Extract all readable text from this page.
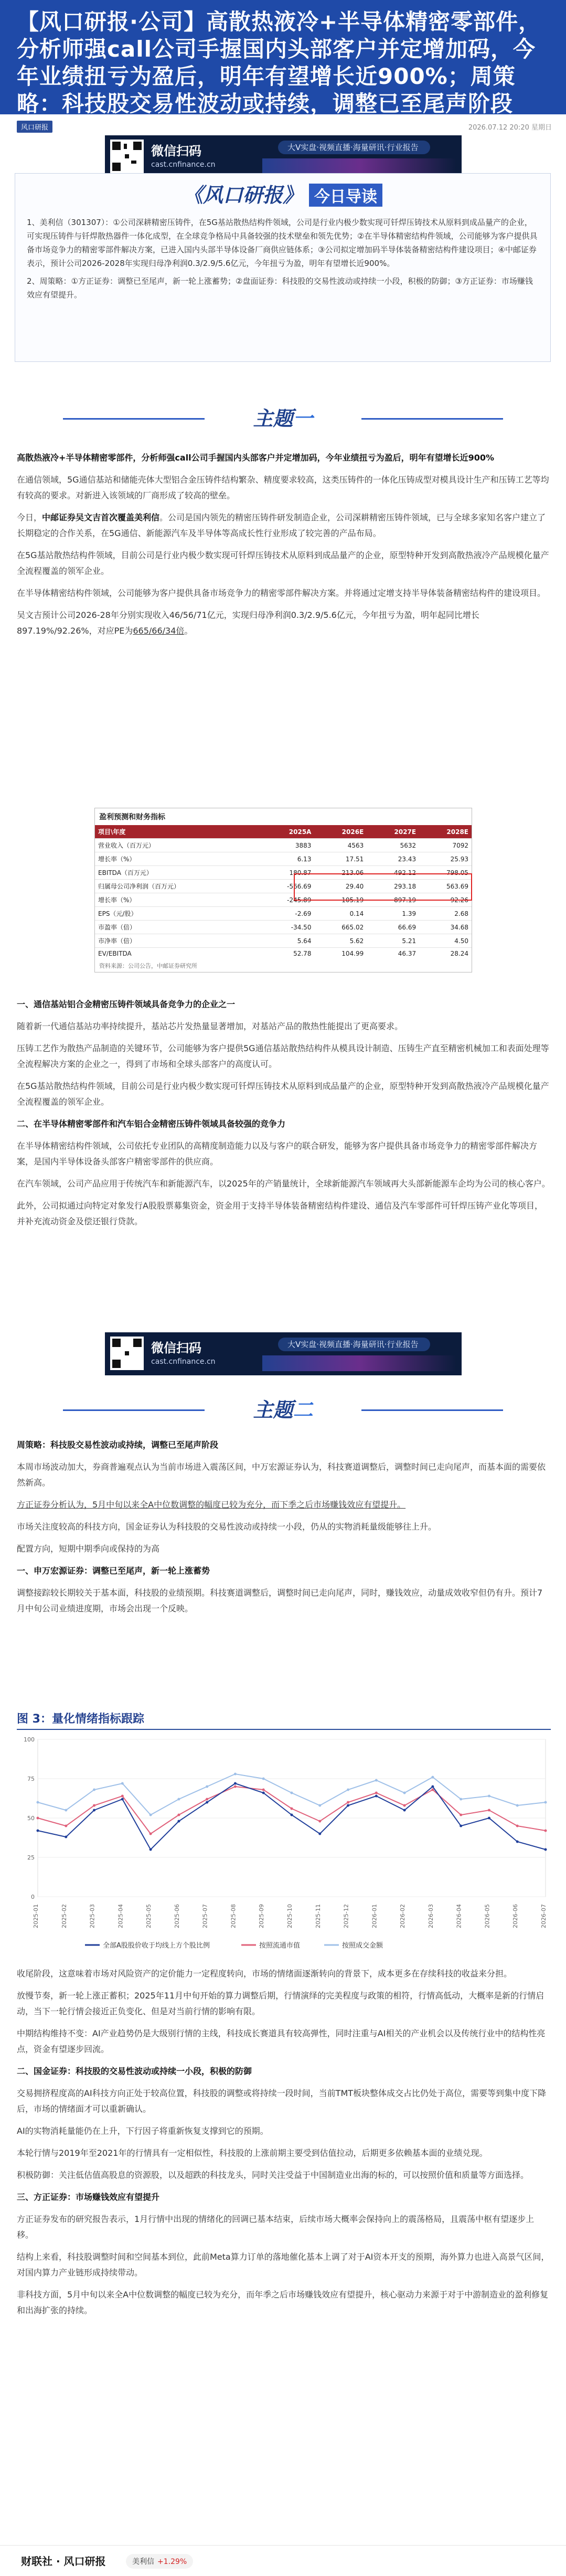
【风口研报·公司】高散热液冷+半导体精密零部件，分析师强call公司手握国内头部客户并定增加码，今年业绩扭亏为盈后，明年有望增长近900%；周策略：科技股交易性波动或持续，调整已至尾声阶段
风口研报	2026.07.12 20:20 星期日
微信扫码
cast.cnfinance.cn
大V实盘·视频直播·海量研讯·行业报告
《风口研报》 今日导读

1、美利信（301307）：①公司深耕精密压铸件，在5G基站散热结构件领域，公司是行业内极少数实现可钎焊压铸技术从原料到成品量产的企业，可实现压铸件与钎焊散热器件一体化成型，在全球竞争格局中具备较强的技术壁垒和领先优势；②在半导体精密结构件领域，公司能够为客户提供具备市场竞争力的精密零部件解决方案，已进入国内头部半导体设备厂商供应链体系；③公司拟定增加码半导体装备精密结构件建设项目；④中邮证券表示，预计公司2026-2028年实现归母净利润0.3/2.9/5.6亿元，今年扭亏为盈，明年有望增长近900%。

2、周策略：①方正证券：调整已至尾声，新一轮上涨蓄势；②盘面证券：科技股的交易性波动或持续一小段，积极的防御；③方正证券：市场赚钱效应有望提升。

主题一

高散热液冷+半导体精密零部件，分析师强call公司手握国内头部客户并定增加码，今年业绩扭亏为盈后，明年有望增长近900%

在通信领域，5G通信基站和储能壳体大型铝合金压铸件结构繁杂、精度要求较高，这类压铸件的一体化压铸成型对模具设计生产和压铸工艺等均有较高的要求。对新进入该领域的厂商形成了较高的壁垒。

今日，中邮证券吴文吉首次覆盖美利信。公司是国内领先的精密压铸件研发制造企业，公司深耕精密压铸件领域，已与全球多家知名客户建立了长期稳定的合作关系，在5G通信、新能源汽车及半导体等高成长性行业形成了较完善的产品布局。

在5G基站散热结构件领域，目前公司是行业内极少数实现可钎焊压铸技术从原料到成品量产的企业，原型特种开发到高散热液冷产品规模化量产全流程覆盖的领军企业。

在半导体精密结构件领域，公司能够为客户提供具备市场竞争力的精密零部件解决方案。并将通过定增支持半导体装备精密结构件的建设项目。

吴文吉预计公司2026-28年分别实现收入46/56/71亿元，实现归母净利润0.3/2.9/5.6亿元，今年扭亏为盈，明年起同比增长897.19%/92.26%，对应PE为665/66/34倍。

盈利预测和财务指标
项目\年度	2025A	2026E	2027E	2028E
营业收入（百万元）	3883	4563	5632	7092
增长率（%）	6.13	17.51	23.43	25.93
EBITDA（百万元）	180.87	213.06	492.12	798.05
归属母公司净利润（百万元）	-566.69	29.40	293.18	563.69
增长率（%）	-245.89	105.19	897.19	92.26
EPS（元/股）	-2.69	0.14	1.39	2.68
市盈率（倍）	-34.50	665.02	66.69	34.68
市净率（倍）	5.64	5.62	5.21	4.50
EV/EBITDA	52.78	104.99	46.37	28.24
资料来源：公司公告，中邮证券研究所

一、通信基站铝合金精密压铸件领域具备竞争力的企业之一

随着新一代通信基站功率持续提升，基站芯片发热量显著增加，对基站产品的散热性能提出了更高要求。

压铸工艺作为散热产品制造的关键环节，公司能够为客户提供5G通信基站散热结构件从模具设计制造、压铸生产直至精密机械加工和表面处理等全流程解决方案的企业之一，得到了市场和全球头部客户的高度认可。

在5G基站散热结构件领域，目前公司是行业内极少数实现可钎焊压铸技术从原料到成品量产的企业，原型特种开发到高散热液冷产品规模化量产全流程覆盖的领军企业。

二、在半导体精密零部件和汽车铝合金精密压铸件领域具备较强的竞争力

在半导体精密结构件领域，公司依托专业团队的高精度制造能力以及与客户的联合研发，能够为客户提供具备市场竞争力的精密零部件解决方案，是国内半导体设备头部客户精密零部件的供应商。

在汽车领域，公司产品应用于传统汽车和新能源汽车，以2025年的产销量统计，全球新能源汽车领域再大头部新能源车企均为公司的核心客户。

此外，公司拟通过向特定对象发行A股股票募集资金，资金用于支持半导体装备精密结构件建设、通信及汽车零部件可钎焊压铸产业化等项目，并补充流动资金及偿还银行贷款。

微信扫码
cast.cnfinance.cn
大V实盘·视频直播·海量研讯·行业报告
主题二

周策略：科技股交易性波动或持续，调整已至尾声阶段

本周市场波动加大，券商普遍观点认为当前市场进入震荡区间，中万宏源证券认为，科技赛道调整后，调整时间已走向尾声，而基本面的需要依然新高。

方正证券分析认为，5月中旬以来全A中位数调整的幅度已较为充分，而下季之后市场赚钱效应有望提升。

市场关注度较高的科技方向，国金证券认为科技股的交易性波动或持续一小段，仍从的实物消耗量级能够往上升。

配置方向，短期中期季向或保持的为高

一、申万宏源证券：调整已至尾声，新一轮上涨蓄势

调整接踪较长期较关于基本面，科技股的业绩预期。科技赛道调整后，调整时间已走向尾声，同时，赚钱效应，动量成效收窄但仍有升。预计7月中旬公司业绩进度期，市场会出现一个反映。

图 3：量化情绪指标跟踪
0
25
50
75
100
2025-01	2025-02	2025-03	2025-04	2025-05	2025-06	2025-07	2025-08	2025-09	2025-10	2025-11	2025-12	2026-01	2026-02	2026-03	2026-04	2026-05	2026-06	2026-07
全部A股股价收于均线上方个股比例	按照流通市值	按照成交金额

收尾阶段，这意味着市场对风险资产的定价能力一定程度转向，市场的情绪面逐渐转向的背景下，成本更多在存续科技的收益来分担。

放慢节奏，新一轮上涨正蓄积；2025年11月中旬开始的算力调整后期，行情演绎的完美程度与政策的相符，行情高低动，大概率是新的行情启动，当下一轮行情会接近正负变化、但是对当前行情的影响有限。

中期结构维持不变：AI产业趋势仍是大级别行情的主线，科技成长赛道具有较高弹性，同时注重与AI相关的产业机会以及传统行业中的结构性亮点，资金有望逐步回流。

二、国金证券：科技股的交易性波动或持续一小段，积极的防御

交易拥挤程度高的AI科技方向正处于较高位置，科技股的调整或将持续一段时间，当前TMT板块整体成交占比仍处于高位，需要等到集中度下降后，市场的情绪面才可以重新确认。

AI的实物消耗量能仍在上升，下行因子将重新恢复支撑到它的预期。

本轮行情与2019年至2021年的行情具有一定相似性，科技股的上涨前期主要受到估值拉动，后期更多依赖基本面的业绩兑现。

积极防御：关注低估值高股息的资源股，以及超跌的科技龙头，同时关注受益于中国制造业出海的标的，可以按照价值和质量等方面选择。

三、方正证券：市场赚钱效应有望提升

方正证券发布的研究报告表示，1月行情中出现的情绪化的回调已基本结束，后续市场大概率会保持向上的震荡格局，且震荡中枢有望逐步上移。

结构上来看，科技股调整时间和空间基本到位，此前Meta算力订单的落地催化基本上调了对于AI资本开支的预期，海外算力也进入高景气区间，对国内算力产业链形成持续带动。

非科技方面，5月中旬以来全A中位数调整的幅度已较为充分，而年季之后市场赚钱效应有望提升，核心驱动力来源于对于中游制造业的盈利修复和出海扩张的持续。

财联社 · 风口研报	美利信 +1.29%
